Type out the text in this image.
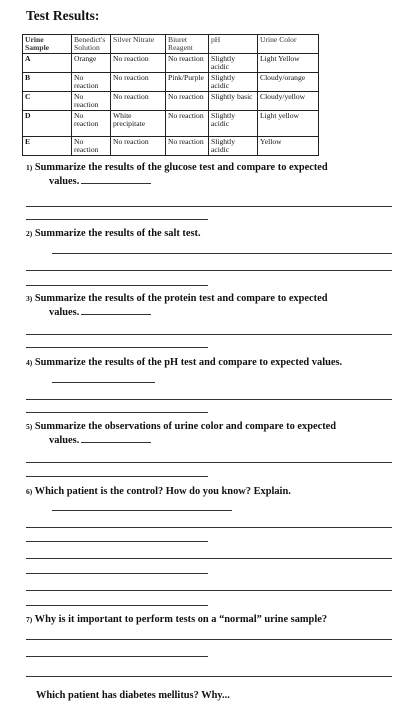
Test Results:
Urine Sample	Benedict's Solution	Silver Nitrate	Biuret Reagent	pH	Urine Color
A	Orange	No reaction	No reaction	Slightly acidic	Light Yellow
B	No reaction	No reaction	Pink/Purple	Slightly acidic	Cloudy/orange
C	No reaction	No reaction	No reaction	Slightly basic	Cloudy/yellow
D	No reaction	White precipitate	No reaction	Slightly acidic	Light yellow
E	No reaction	No reaction	No reaction	Slightly acidic	Yellow
1) Summarize the results of the glucose test and compare to expected
values.
2) Summarize the results of the salt test.
3) Summarize the results of the protein test and compare to expected
values.
4) Summarize the results of the pH test and compare to expected values.
5) Summarize the observations of urine color and compare to expected
values.
6) Which patient is the control? How do you know? Explain.
7) Why is it important to perform tests on a “normal” urine sample?
Which patient has diabetes mellitus? Why...
